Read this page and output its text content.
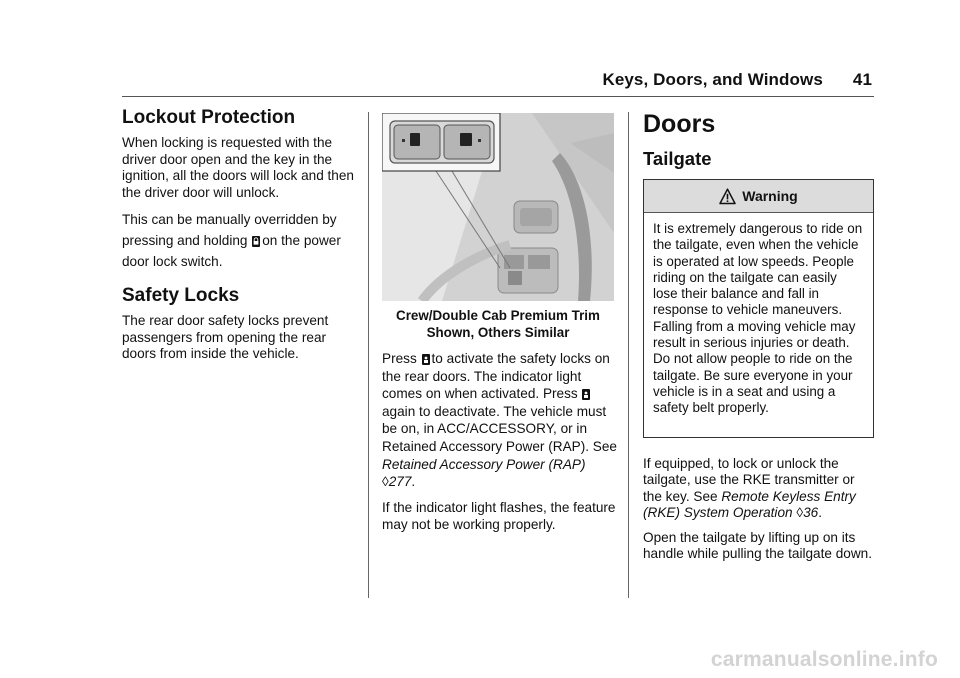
Keys, Doors, and Windows 41
Lockout Protection

When locking is requested with the driver door open and the key in the ignition, all the doors will lock and then the driver door will unlock.

This can be manually overridden by pressing and holding on the power door lock switch.

Safety Locks

The rear door safety locks prevent passengers from opening the rear doors from inside the vehicle.

Crew/Double Cab Premium Trim
Shown, Others Similar

Press to activate the safety locks on the rear doors. The indicator light comes on when activated. Press
again to deactivate. The vehicle must be on, in ACC/ACCESSORY, or in Retained Accessory Power (RAP). See Retained Accessory Power (RAP) ◊277.

If the indicator light flashes, the feature may not be working properly.

Doors
Tailgate
Warning
It is extremely dangerous to ride on the tailgate, even when the vehicle is operated at low speeds. People riding on the tailgate can easily lose their balance and fall in response to vehicle maneuvers. Falling from a moving vehicle may result in serious injuries or death. Do not allow people to ride on the tailgate. Be sure everyone in your vehicle is in a seat and using a safety belt properly.

If equipped, to lock or unlock the tailgate, use the RKE transmitter or the key. See Remote Keyless Entry (RKE) System Operation ◊36.

Open the tailgate by lifting up on its handle while pulling the tailgate down.

carmanualsonline.info
